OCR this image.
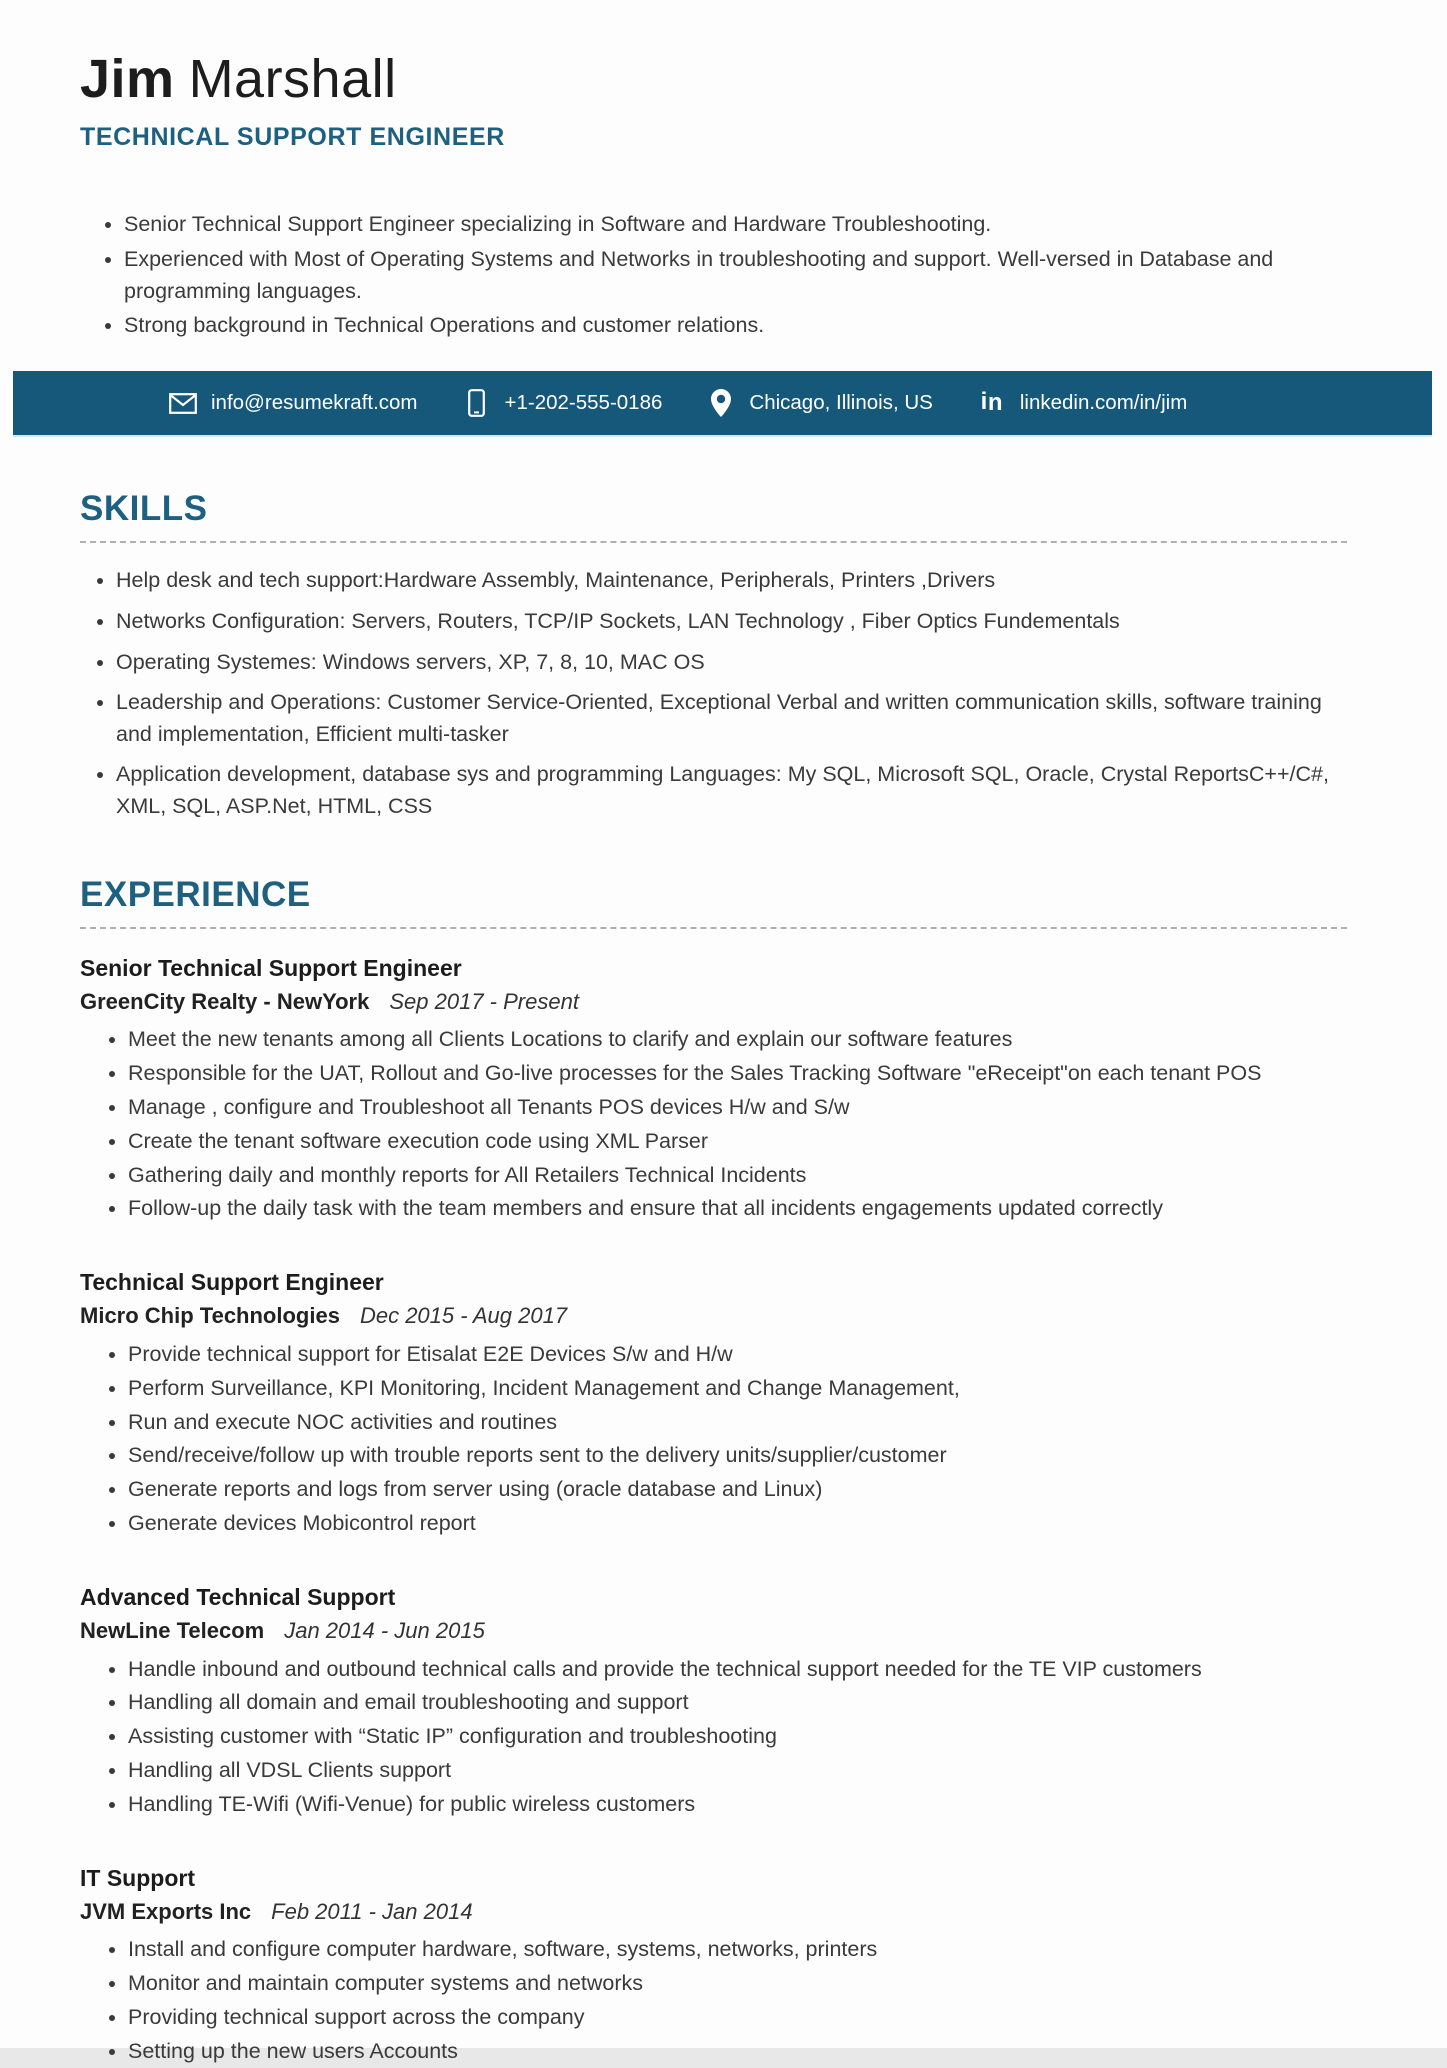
Jim Marshall
TECHNICAL SUPPORT ENGINEER
• Senior Technical Support Engineer specializing in Software and Hardware Troubleshooting.
• Experienced with Most of Operating Systems and Networks in troubleshooting and support. Well-versed in Database and programming languages.
• Strong background in Technical Operations and customer relations.
info@resumekraft.com	+1-202-555-0186	Chicago, Illinois, US i n linkedin.com/in/jim
SKILLS
• Help desk and tech support:Hardware Assembly, Maintenance, Peripherals, Printers ,Drivers
• Networks Configuration: Servers, Routers, TCP/IP Sockets, LAN Technology , Fiber Optics Fundementals
• Operating Systemes: Windows servers, XP, 7, 8, 10, MAC OS
• Leadership and Operations: Customer Service-Oriented, Exceptional Verbal and written communication skills, software training and implementation, Efficient multi-tasker
• Application development, database sys and programming Languages: My SQL, Microsoft SQL, Oracle, Crystal ReportsC++/C#, XML, SQL, ASP.Net, HTML, CSS
EXPERIENCE
Senior Technical Support Engineer
GreenCity Realty - NewYork Sep 2017 - Present
• Meet the new tenants among all Clients Locations to clarify and explain our software features
• Responsible for the UAT, Rollout and Go-live processes for the Sales Tracking Software "eReceipt"on each tenant POS
• Manage , configure and Troubleshoot all Tenants POS devices H/w and S/w
• Create the tenant software execution code using XML Parser
• Gathering daily and monthly reports for All Retailers Technical Incidents
• Follow-up the daily task with the team members and ensure that all incidents engagements updated correctly
Technical Support Engineer
Micro Chip Technologies Dec 2015 - Aug 2017
• Provide technical support for Etisalat E2E Devices S/w and H/w
• Perform Surveillance, KPI Monitoring, Incident Management and Change Management,
• Run and execute NOC activities and routines
• Send/receive/follow up with trouble reports sent to the delivery units/supplier/customer
• Generate reports and logs from server using (oracle database and Linux)
• Generate devices Mobicontrol report
Advanced Technical Support
NewLine Telecom Jan 2014 - Jun 2015
• Handle inbound and outbound technical calls and provide the technical support needed for the TE VIP customers
• Handling all domain and email troubleshooting and support
• Assisting customer with “Static IP” configuration and troubleshooting
• Handling all VDSL Clients support
• Handling TE-Wifi (Wifi-Venue) for public wireless customers
IT Support
JVM Exports Inc Feb 2011 - Jan 2014
• Install and configure computer hardware, software, systems, networks, printers
• Monitor and maintain computer systems and networks
• Providing technical support across the company
• Setting up the new users Accounts
